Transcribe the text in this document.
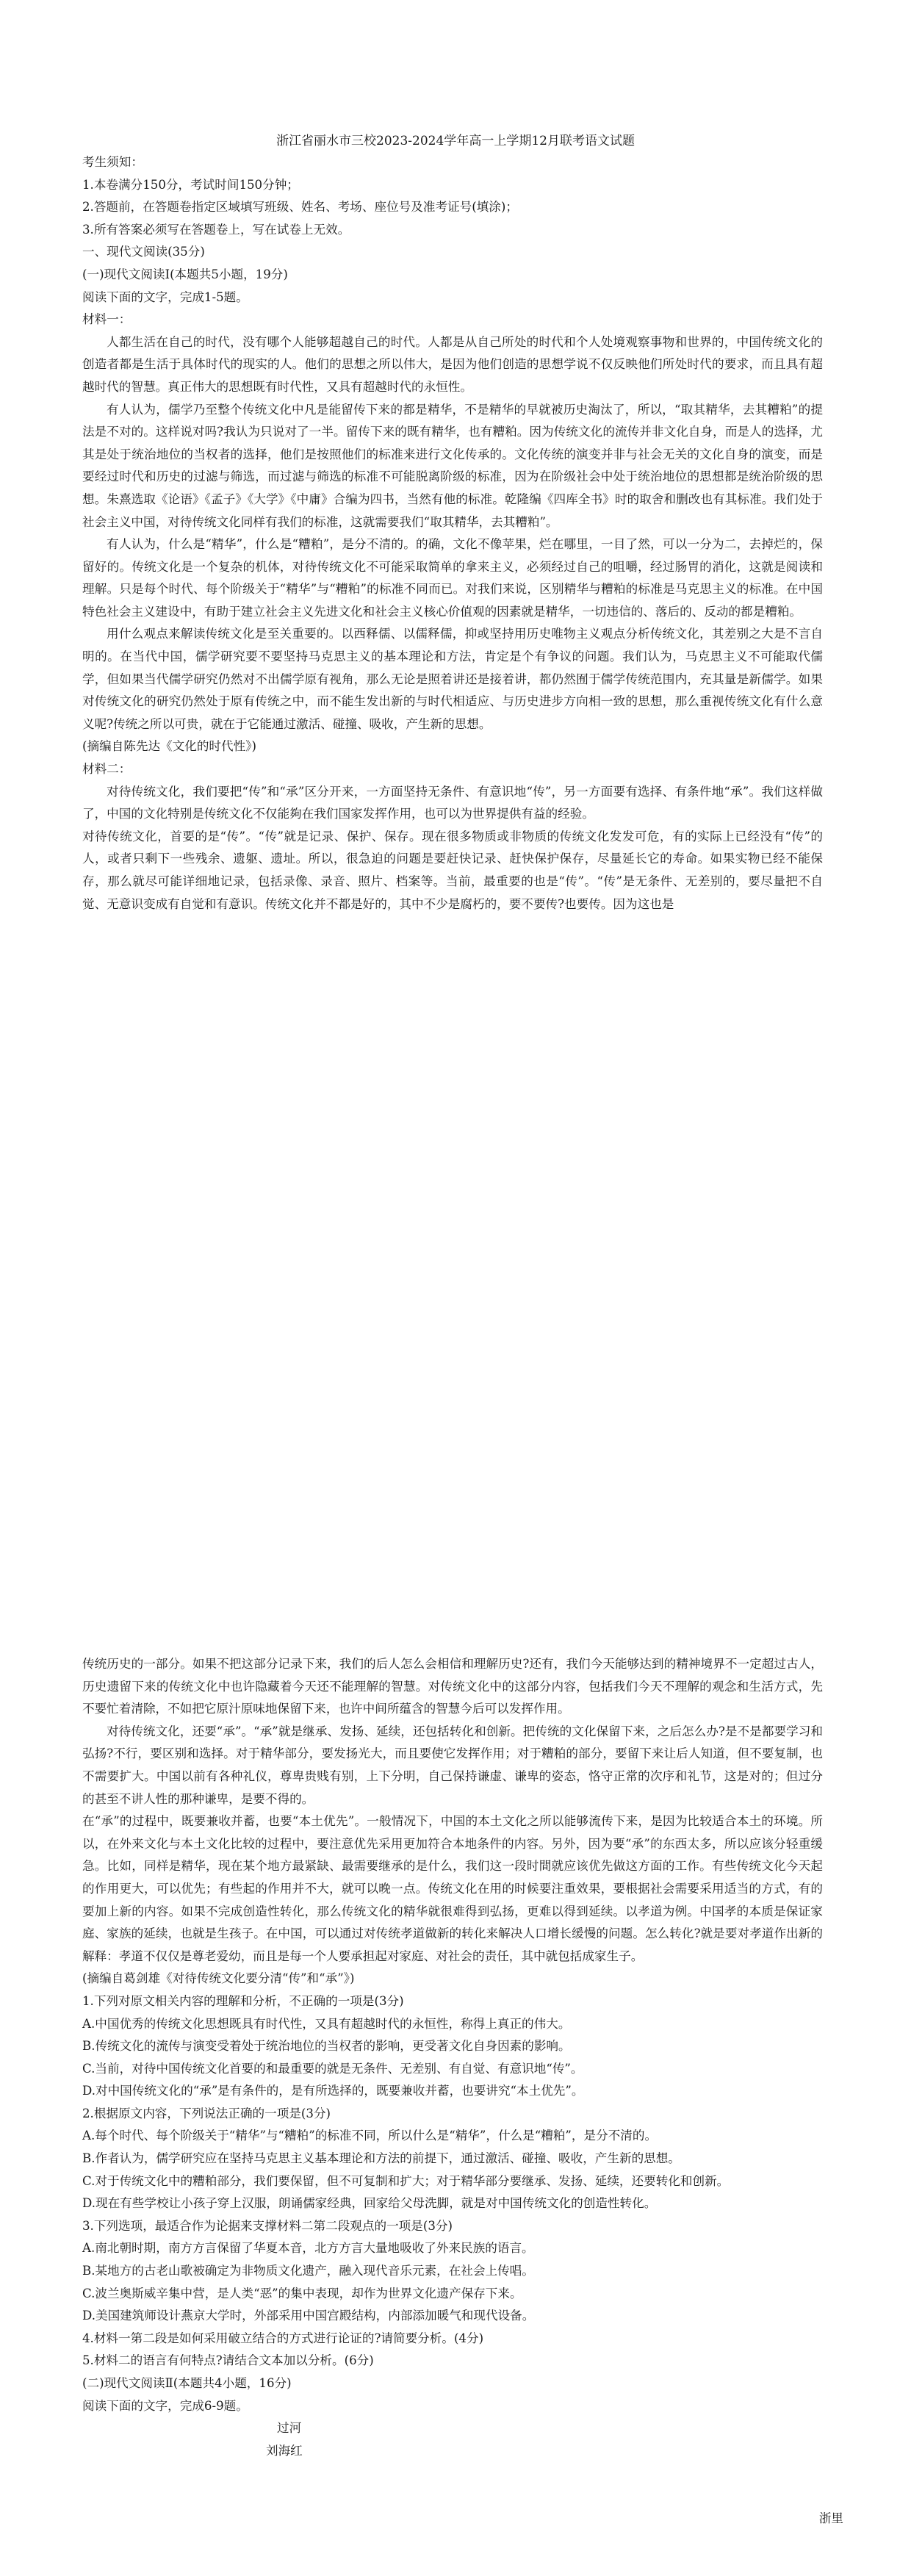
浙江省丽水市三校2023-2024学年高一上学期12月联考语文试题

考生须知：

1.本卷满分150分，考试时间150分钟；

2.答题前，在答题卷指定区域填写班级、姓名、考场、座位号及准考证号(填涂)；

3.所有答案必须写在答题卷上，写在试卷上无效。

一、现代文阅读(35分)

(一)现代文阅读Ⅰ(本题共5小题，19分)

阅读下面的文字，完成1-5题。

材料一：

人都生活在自己的时代，没有哪个人能够超越自己的时代。人都是从自己所处的时代和个人处境观察事物和世界的，中国传统文化的创造者都是生活于具体时代的现实的人。他们的思想之所以伟大，是因为他们创造的思想学说不仅反映他们所处时代的要求，而且具有超越时代的智慧。真正伟大的思想既有时代性，又具有超越时代的永恒性。

有人认为，儒学乃至整个传统文化中凡是能留传下来的都是精华，不是精华的早就被历史淘汰了，所以，“取其精华，去其糟粕”的提法是不对的。这样说对吗?我认为只说对了一半。留传下来的既有精华，也有糟粕。因为传统文化的流传并非文化自身，而是人的选择，尤其是处于统治地位的当权者的选择，他们是按照他们的标准来进行文化传承的。文化传统的演变并非与社会无关的文化自身的演变，而是要经过时代和历史的过滤与筛选，而过滤与筛选的标准不可能脱离阶级的标准，因为在阶级社会中处于统治地位的思想都是统治阶级的思想。朱熹选取《论语》《孟子》《大学》《中庸》合编为四书，当然有他的标准。乾隆编《四库全书》时的取舍和删改也有其标准。我们处于社会主义中国，对待传统文化同样有我们的标准，这就需要我们“取其精华，去其糟粕”。

有人认为，什么是“精华”，什么是“糟粕”，是分不清的。的确，文化不像苹果，烂在哪里，一目了然，可以一分为二，去掉烂的，保留好的。传统文化是一个复杂的机体，对待传统文化不可能采取简单的拿来主义，必须经过自己的咀嚼，经过肠胃的消化，这就是阅读和理解。只是每个时代、每个阶级关于“精华”与“糟粕”的标准不同而已。对我们来说，区别精华与糟粕的标准是马克思主义的标准。在中国特色社会主义建设中，有助于建立社会主义先进文化和社会主义核心价值观的因素就是精华，一切违信的、落后的、反动的都是糟粕。

用什么观点来解读传统文化是至关重要的。以西释儒、以儒释儒，抑或坚持用历史唯物主义观点分析传统文化，其差别之大是不言自明的。在当代中国，儒学研究要不要坚持马克思主义的基本理论和方法，肯定是个有争议的问题。我们认为，马克思主义不可能取代儒学，但如果当代儒学研究仍然对不出儒学原有视角，那么无论是照着讲还是接着讲，都仍然囿于儒学传统范围内，充其量是新儒学。如果对传统文化的研究仍然处于原有传统之中，而不能生发出新的与时代相适应、与历史进步方向相一致的思想，那么重视传统文化有什么意义呢?传统之所以可贵，就在于它能通过激活、碰撞、吸收，产生新的思想。

(摘编自陈先达《文化的时代性》)

材料二：

对待传统文化，我们要把“传”和“承”区分开来，一方面坚持无条件、有意识地“传”，另一方面要有选择、有条件地“承”。我们这样做了，中国的文化特别是传统文化不仅能夠在我们国家发挥作用，也可以为世界提供有益的经验。

对待传统文化，首要的是“传”。“传”就是记录、保护、保存。现在很多物质或非物质的传统文化发发可危，有的实际上已经没有“传”的人，或者只剩下一些残余、遗躯、遗址。所以，很急迫的问题是要赶快记录、赶快保护保存，尽量延长它的寿命。如果实物已经不能保存，那么就尽可能详细地记录，包括录像、录音、照片、档案等。当前，最重要的也是“传”。“传”是无条件、无差别的，要尽量把不自觉、无意识变成有自觉和有意识。传统文化并不都是好的，其中不少是腐朽的，要不要传?也要传。因为这也是

传统历史的一部分。如果不把这部分记录下来，我们的后人怎么会相信和理解历史?还有，我们今天能够达到的精神境界不一定超过古人，历史遗留下来的传统文化中也许隐藏着今天还不能理解的智慧。对传统文化中的这部分内容，包括我们今天不理解的观念和生活方式，先不要忙着清除，不如把它原汁原味地保留下来，也许中间所蕴含的智慧今后可以发挥作用。

对待传统文化，还要“承”。“承”就是继承、发扬、延续，还包括转化和创新。把传统的文化保留下来，之后怎么办?是不是都要学习和弘扬?不行，要区别和选择。对于精华部分，要发扬光大，而且要使它发挥作用；对于糟粕的部分，要留下来让后人知道，但不要复制，也不需要扩大。中国以前有各种礼仪，尊卑贵贱有别，上下分明，自己保持谦虚、谦卑的姿态，恪守正常的次序和礼节，这是对的；但过分的甚至不讲人性的那种谦卑，是要不得的。

在“承”的过程中，既要兼收并蓄，也要“本土优先”。一般情况下，中国的本土文化之所以能够流传下来，是因为比较适合本土的环境。所以，在外来文化与本土文化比较的过程中，要注意优先采用更加符合本地条件的内容。另外，因为要“承”的东西太多，所以应该分轻重缓急。比如，同样是精华，现在某个地方最紧缺、最需要继承的是什么，我们这一段时間就应该优先做这方面的工作。有些传统文化今天起的作用更大，可以优先；有些起的作用并不大，就可以晚一点。传统文化在用的时候要注重效果，要根据社会需要采用适当的方式，有的要加上新的内容。如果不完成创造性转化，那么传统文化的精华就很难得到弘扬，更难以得到延续。以孝道为例。中国孝的本质是保证家庭、家族的延续，也就是生孩子。在中国，可以通过对传统孝道做新的转化来解决人口增长缓慢的问题。怎么转化?就是要对孝道作出新的解释：孝道不仅仅是尊老爱幼，而且是每一个人要承担起对家庭、对社会的责任，其中就包括成家生子。

(摘编自葛剑雄《对待传统文化要分清“传”和“承”》)

1.下列对原文相关内容的理解和分析，不正确的一项是(3分)

A.中国优秀的传统文化思想既具有时代性，又具有超越时代的永恒性，称得上真正的伟大。

B.传统文化的流传与演变受着处于统治地位的当权者的影响，更受著文化自身因素的影响。

C.当前，对待中国传统文化首要的和最重要的就是无条件、无差别、有自觉、有意识地“传”。

D.对中国传统文化的“承”是有条件的，是有所选择的，既要兼收并蓄，也要讲究“本土优先”。

2.根据原文内容，下列说法正确的一项是(3分)

A.每个时代、每个阶级关于“精华”与“糟粕”的标准不同，所以什么是“精华”，什么是“糟粕”，是分不清的。

B.作者认为，儒学研究应在坚持马克思主义基本理论和方法的前提下，通过激活、碰撞、吸收，产生新的思想。

C.对于传统文化中的糟粕部分，我们要保留，但不可复制和扩大；对于精华部分要继承、发扬、延续，还要转化和创新。

D.现在有些学校让小孩子穿上汉服，朗诵儒家经典，回家给父母洗脚，就是对中国传统文化的创造性转化。

3.下列选项，最适合作为论据来支撑材料二第二段观点的一项是(3分)

A.南北朝时期，南方方言保留了华夏本音，北方方言大量地吸收了外来民族的语言。

B.某地方的古老山歌被确定为非物质文化遗产，融入现代音乐元素，在社会上传唱。

C.波兰奥斯威辛集中营，是人类“恶”的集中表现，却作为世界文化遗产保存下来。

D.美国建筑师设计燕京大学时，外部采用中国宫殿结构，内部添加暖气和现代设备。

4.材料一第二段是如何采用破立结合的方式进行论证的?请简要分析。(4分)

5.材料二的语言有何特点?请结合文本加以分析。(6分)

(二)现代文阅读Ⅱ(本题共4小题，16分)

阅读下面的文字，完成6-9题。

过河

刘海红

浙里
